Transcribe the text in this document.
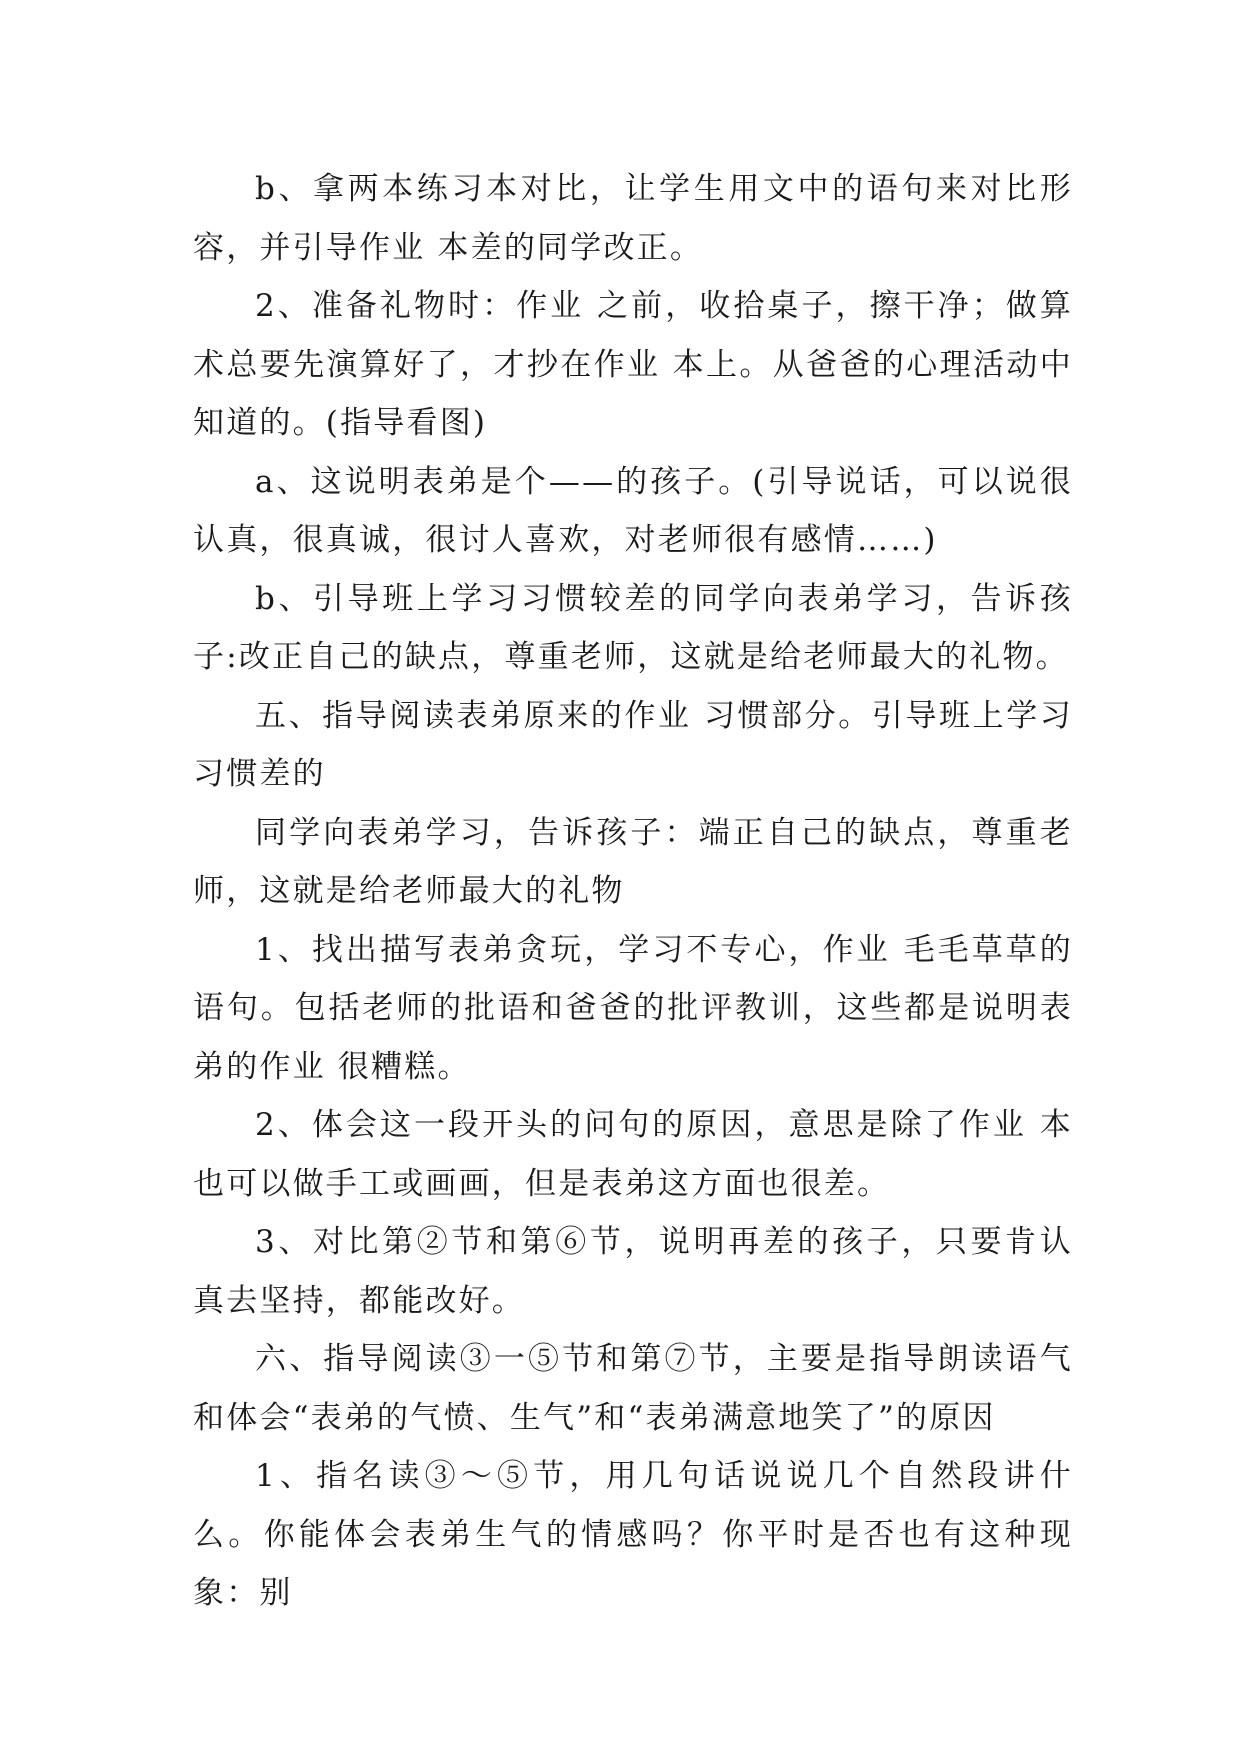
b、拿两本练习本对比，让学生用文中的语句来对比形容，并引导作业 本差的同学改正。

2、准备礼物时：作业 之前，收拾桌子，擦干净；做算术总要先演算好了，才抄在作业 本上。从爸爸的心理活动中知道的。(指导看图)

a、这说明表弟是个——的孩子。(引导说话，可以说很认真，很真诚，很讨人喜欢，对老师很有感情……)

b、引导班上学习习惯较差的同学向表弟学习，告诉孩子:改正自己的缺点，尊重老师，这就是给老师最大的礼物。

五、指导阅读表弟原来的作业 习惯部分。引导班上学习习惯差的

同学向表弟学习，告诉孩子：端正自己的缺点，尊重老师，这就是给老师最大的礼物

1、找出描写表弟贪玩，学习不专心，作业 毛毛草草的语句。包括老师的批语和爸爸的批评教训，这些都是说明表弟的作业 很糟糕。

2、体会这一段开头的问句的原因，意思是除了作业 本也可以做手工或画画，但是表弟这方面也很差。

3、对比第②节和第⑥节，说明再差的孩子，只要肯认真去坚持，都能改好。

六、指导阅读③一⑤节和第⑦节，主要是指导朗读语气和体会“表弟的气愤、生气”和“表弟满意地笑了”的原因

1、指名读③～⑤节，用几句话说说几个自然段讲什么。你能体会表弟生气的情感吗？你平时是否也有这种现象：别
